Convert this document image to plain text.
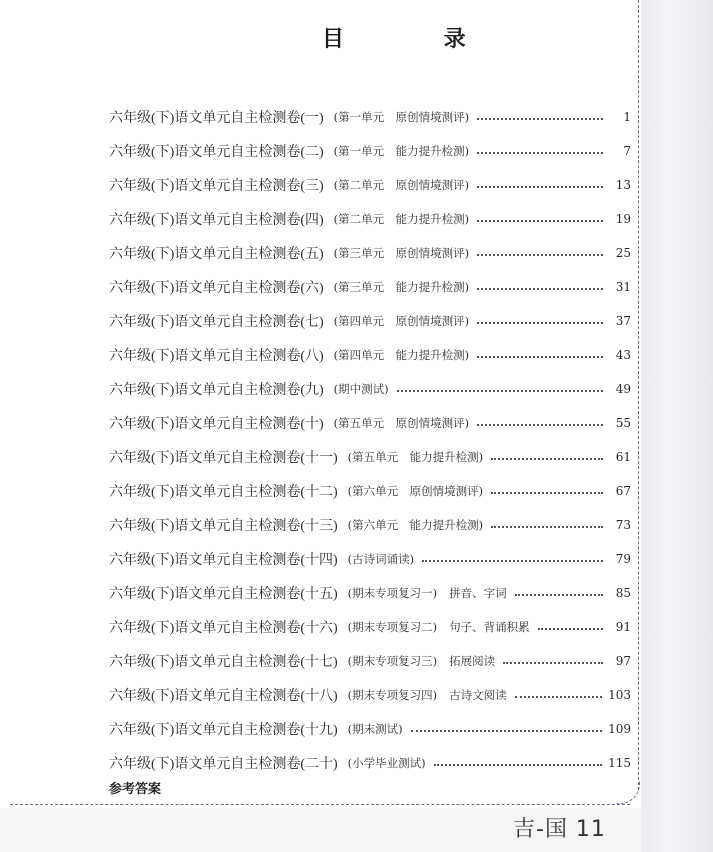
目 录
六年级(下)语文单元自主检测卷(一) (第一单元　原创情境测评)	1
六年级(下)语文单元自主检测卷(二) (第一单元　能力提升检测)	7
六年级(下)语文单元自主检测卷(三) (第二单元　原创情境测评)	13
六年级(下)语文单元自主检测卷(四) (第二单元　能力提升检测)	19
六年级(下)语文单元自主检测卷(五) (第三单元　原创情境测评)	25
六年级(下)语文单元自主检测卷(六) (第三单元　能力提升检测)	31
六年级(下)语文单元自主检测卷(七) (第四单元　原创情境测评)	37
六年级(下)语文单元自主检测卷(八) (第四单元　能力提升检测)	43
六年级(下)语文单元自主检测卷(九) (期中测试)	49
六年级(下)语文单元自主检测卷(十) (第五单元　原创情境测评)	55
六年级(下)语文单元自主检测卷(十一) (第五单元　能力提升检测)	61
六年级(下)语文单元自主检测卷(十二) (第六单元　原创情境测评)	67
六年级(下)语文单元自主检测卷(十三) (第六单元　能力提升检测)	73
六年级(下)语文单元自主检测卷(十四) (古诗词诵读)	79
六年级(下)语文单元自主检测卷(十五) (期末专项复习一) 拼音、字词	85
六年级(下)语文单元自主检测卷(十六) (期末专项复习二) 句子、背诵积累	91
六年级(下)语文单元自主检测卷(十七) (期末专项复习三) 拓展阅读	97
六年级(下)语文单元自主检测卷(十八) (期末专项复习四) 古诗文阅读	103
六年级(下)语文单元自主检测卷(十九) (期末测试)	109
六年级(下)语文单元自主检测卷(二十) (小学毕业测试)	115
参考答案
吉-国 11
